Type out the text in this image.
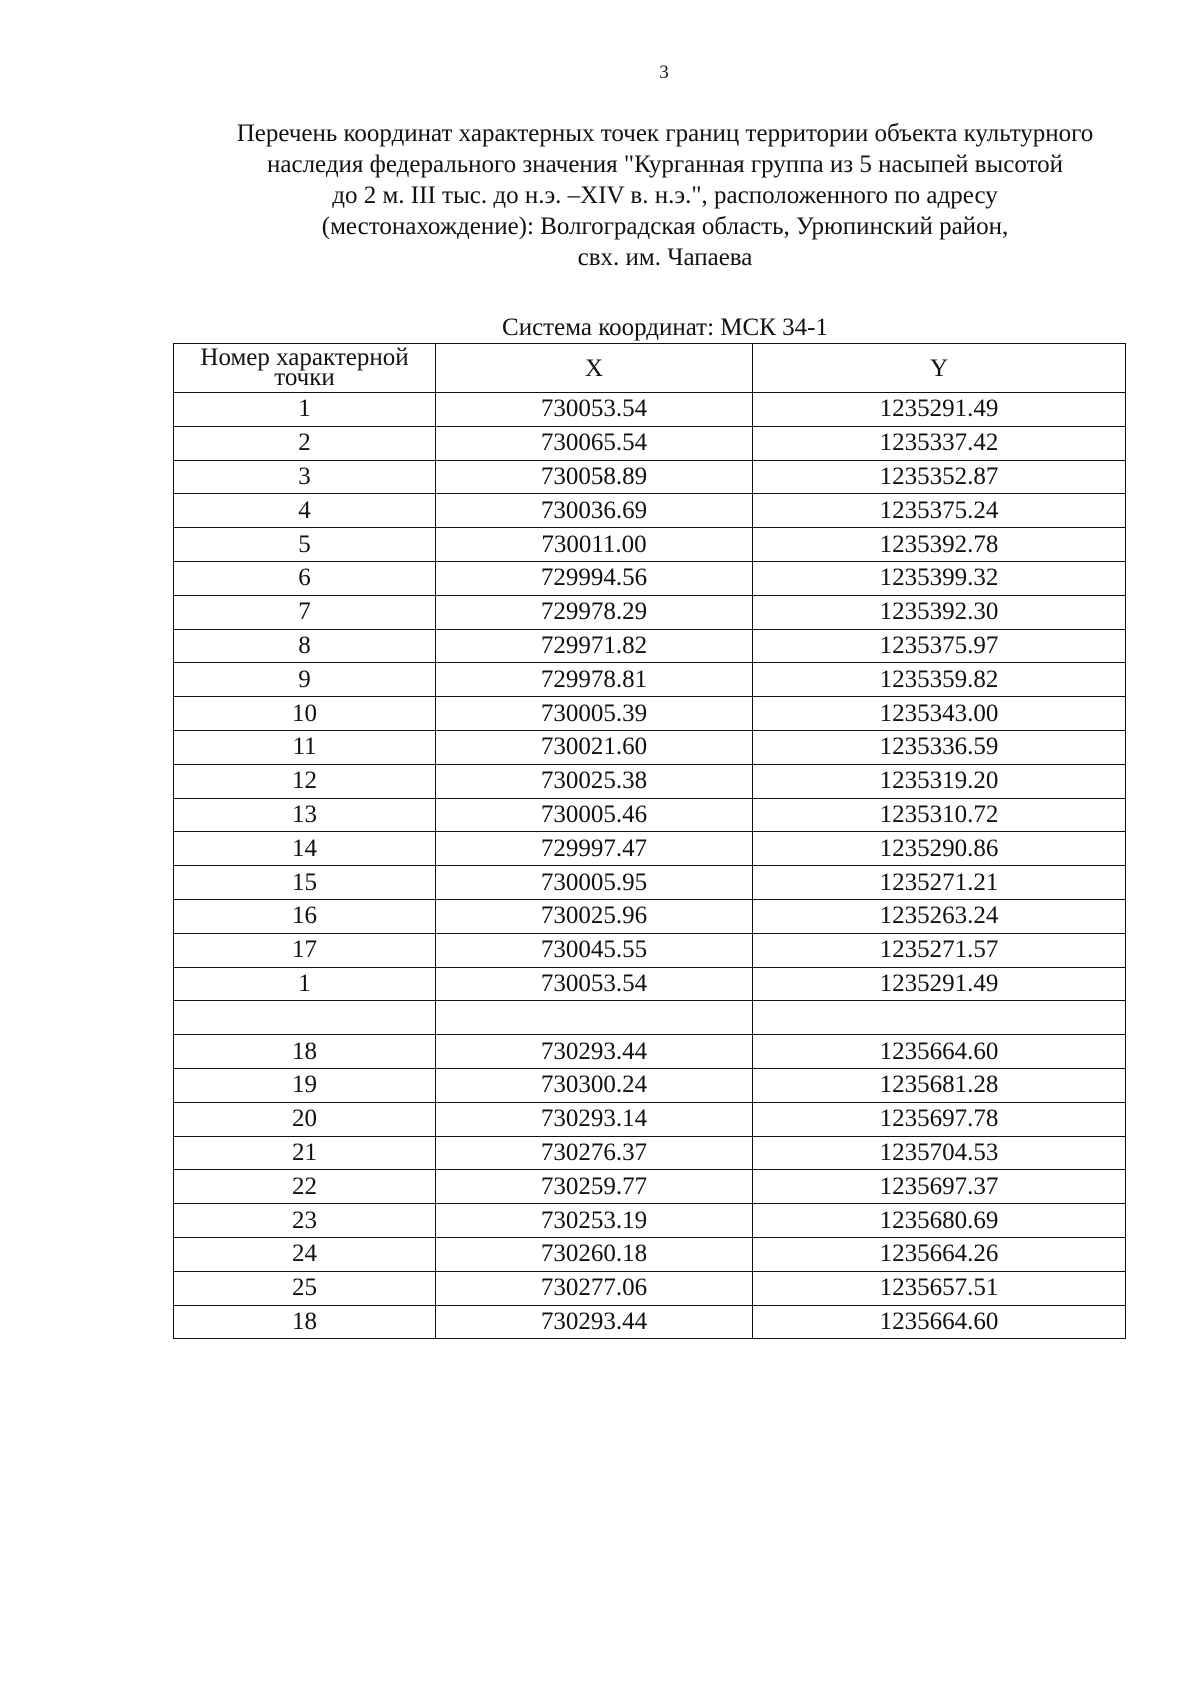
3
Перечень координат характерных точек границ территории объекта культурного
наследия федерального значения "Курганная группа из 5 насыпей высотой
до 2 м. III тыс. до н.э. –XIV в. н.э.", расположенного по адресу
(местонахождение): Волгоградская область, Урюпинский район,
свх. им. Чапаева
Система координат: МСК 34-1
Номер характерной точки	X	Y
1	730053.54	1235291.49
2	730065.54	1235337.42
3	730058.89	1235352.87
4	730036.69	1235375.24
5	730011.00	1235392.78
6	729994.56	1235399.32
7	729978.29	1235392.30
8	729971.82	1235375.97
9	729978.81	1235359.82
10	730005.39	1235343.00
11	730021.60	1235336.59
12	730025.38	1235319.20
13	730005.46	1235310.72
14	729997.47	1235290.86
15	730005.95	1235271.21
16	730025.96	1235263.24
17	730045.55	1235271.57
1	730053.54	1235291.49

18	730293.44	1235664.60
19	730300.24	1235681.28
20	730293.14	1235697.78
21	730276.37	1235704.53
22	730259.77	1235697.37
23	730253.19	1235680.69
24	730260.18	1235664.26
25	730277.06	1235657.51
18	730293.44	1235664.60
